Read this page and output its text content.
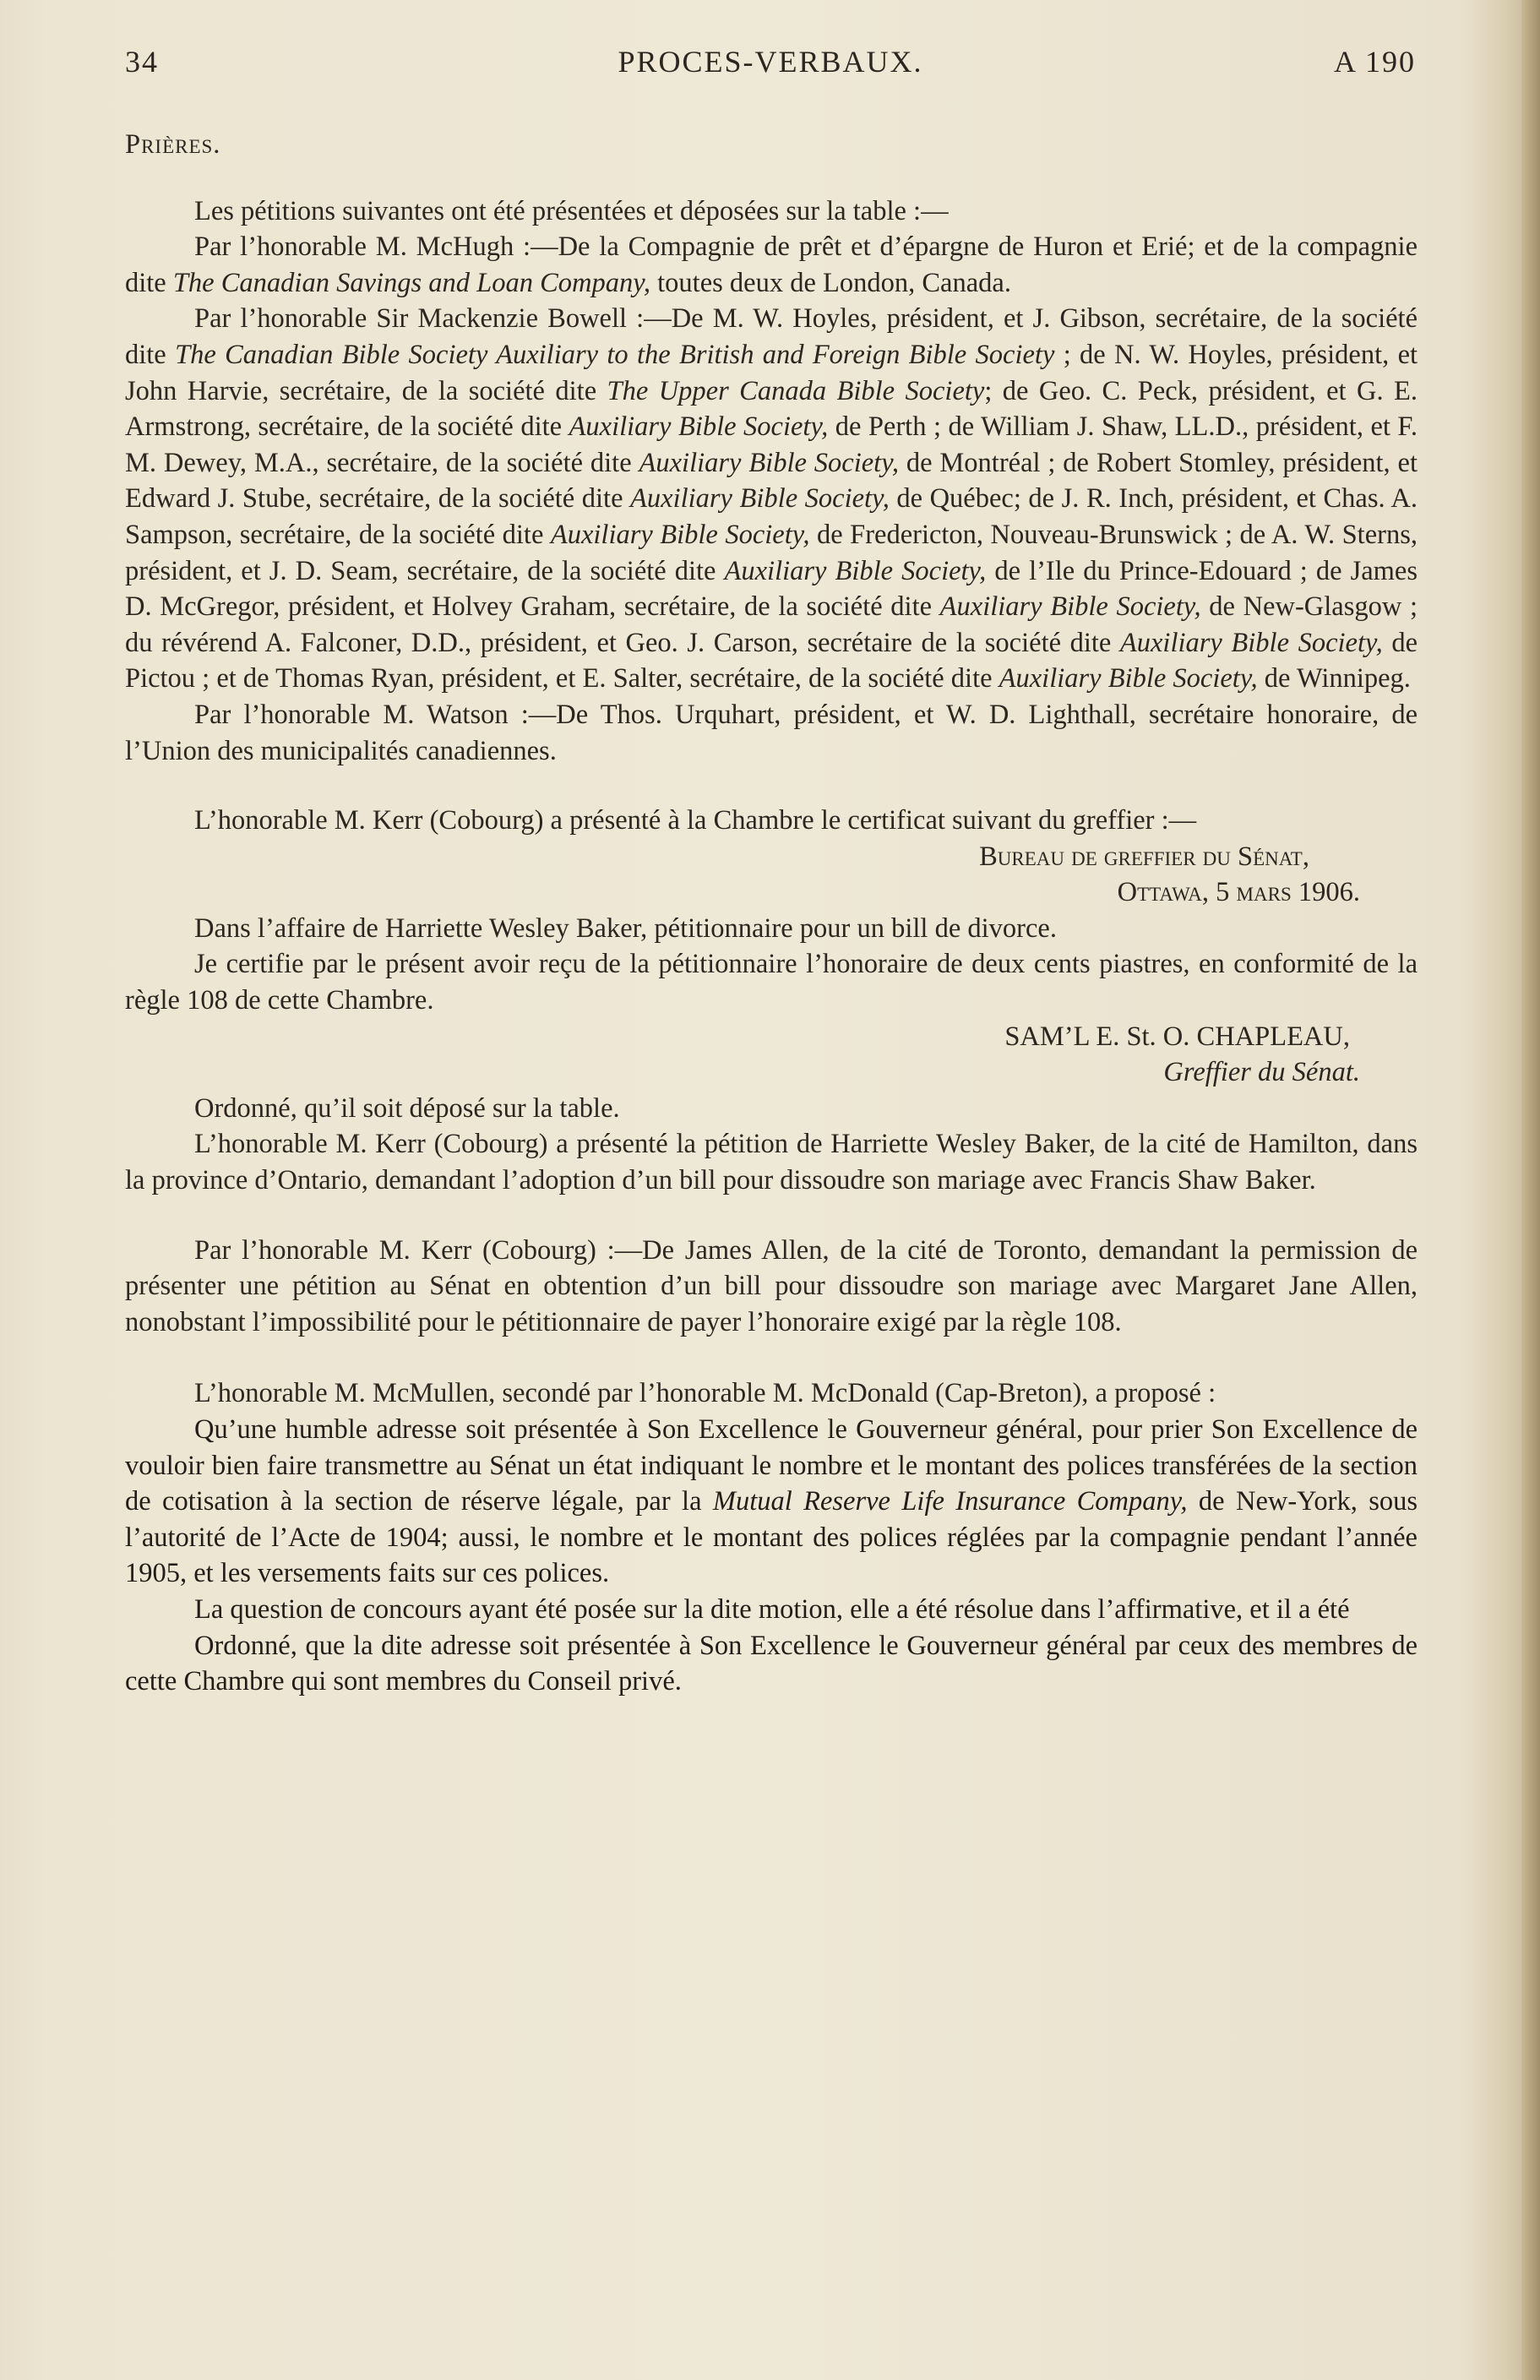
34	PROCES-VERBAUX.	A 190

Prières.

Les pétitions suivantes ont été présentées et déposées sur la table :—

Par l’honorable M. McHugh :—De la Compagnie de prêt et d’épargne de Huron et Erié; et de la compagnie dite The Canadian Savings and Loan Company, toutes deux de London, Canada.

Par l’honorable Sir Mackenzie Bowell :—De M. W. Hoyles, président, et J. Gibson, secrétaire, de la société dite The Canadian Bible Society Auxiliary to the British and Foreign Bible Society ; de N. W. Hoyles, président, et John Harvie, secrétaire, de la société dite The Upper Canada Bible Society; de Geo. C. Peck, président, et G. E. Armstrong, secrétaire, de la société dite Auxiliary Bible Society, de Perth ; de William J. Shaw, LL.D., président, et F. M. Dewey, M.A., secrétaire, de la société dite Auxiliary Bible Society, de Montréal ; de Robert Stomley, président, et Edward J. Stube, secrétaire, de la société dite Auxiliary Bible Society, de Québec; de J. R. Inch, président, et Chas. A. Sampson, secrétaire, de la société dite Auxiliary Bible Society, de Fredericton, Nouveau-Brunswick ; de A. W. Sterns, président, et J. D. Seam, secrétaire, de la société dite Auxiliary Bible Society, de l’Ile du Prince-Edouard ; de James D. McGregor, président, et Holvey Graham, secrétaire, de la société dite Auxiliary Bible Society, de New-Glasgow ; du révérend A. Falconer, D.D., président, et Geo. J. Carson, secrétaire de la société dite Auxiliary Bible Society, de Pictou ; et de Thomas Ryan, président, et E. Salter, secrétaire, de la société dite Auxiliary Bible Society, de Winnipeg.

Par l’honorable M. Watson :—De Thos. Urquhart, président, et W. D. Lighthall, secrétaire honoraire, de l’Union des municipalités canadiennes.

L’honorable M. Kerr (Cobourg) a présenté à la Chambre le certificat suivant du greffier :—

Bureau de greffier du Sénat,

Ottawa, 5 mars 1906.

Dans l’affaire de Harriette Wesley Baker, pétitionnaire pour un bill de divorce.

Je certifie par le présent avoir reçu de la pétitionnaire l’honoraire de deux cents piastres, en conformité de la règle 108 de cette Chambre.

SAM’L E. St. O. CHAPLEAU,

Greffier du Sénat.

Ordonné, qu’il soit déposé sur la table.

L’honorable M. Kerr (Cobourg) a présenté la pétition de Harriette Wesley Baker, de la cité de Hamilton, dans la province d’Ontario, demandant l’adoption d’un bill pour dissoudre son mariage avec Francis Shaw Baker.

Par l’honorable M. Kerr (Cobourg) :—De James Allen, de la cité de Toronto, demandant la permission de présenter une pétition au Sénat en obtention d’un bill pour dissoudre son mariage avec Margaret Jane Allen, nonobstant l’impossibilité pour le pétitionnaire de payer l’honoraire exigé par la règle 108.

L’honorable M. McMullen, secondé par l’honorable M. McDonald (Cap-Breton), a proposé :

Qu’une humble adresse soit présentée à Son Excellence le Gouverneur général, pour prier Son Excellence de vouloir bien faire transmettre au Sénat un état indiquant le nombre et le montant des polices transférées de la section de cotisation à la section de réserve légale, par la Mutual Reserve Life Insurance Company, de New-York, sous l’autorité de l’Acte de 1904; aussi, le nombre et le montant des polices réglées par la compagnie pendant l’année 1905, et les versements faits sur ces polices.

La question de concours ayant été posée sur la dite motion, elle a été résolue dans l’affirmative, et il a été

Ordonné, que la dite adresse soit présentée à Son Excellence le Gouverneur général par ceux des membres de cette Chambre qui sont membres du Conseil privé.
